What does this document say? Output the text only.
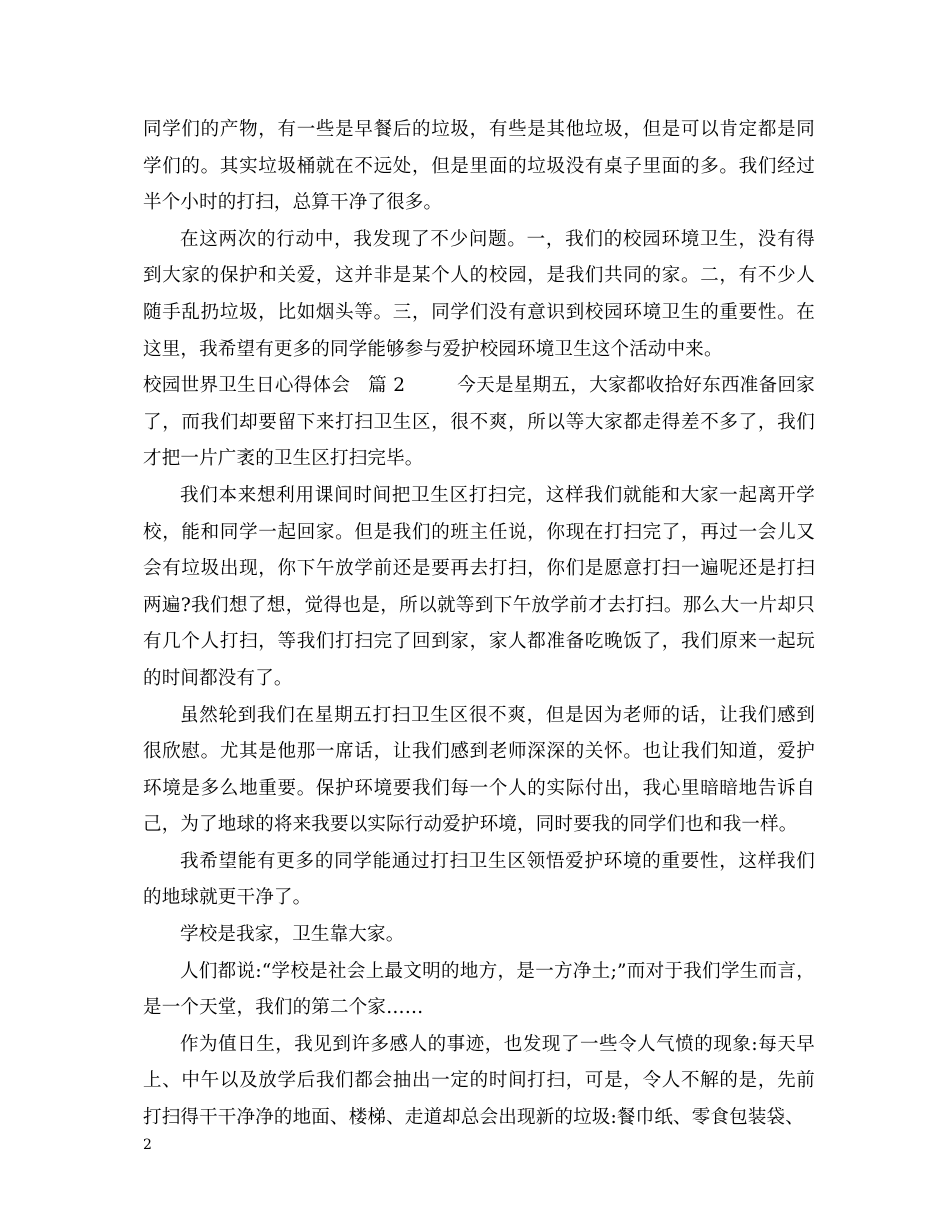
同学们的产物，有一些是早餐后的垃圾，有些是其他垃圾，但是可以肯定都是同学们的。其实垃圾桶就在不远处，但是里面的垃圾没有桌子里面的多。我们经过半个小时的打扫，总算干净了很多。

在这两次的行动中，我发现了不少问题。一，我们的校园环境卫生，没有得到大家的保护和关爱，这并非是某个人的校园，是我们共同的家。二，有不少人随手乱扔垃圾，比如烟头等。三，同学们没有意识到校园环境卫生的重要性。在这里，我希望有更多的同学能够参与爱护校园环境卫生这个活动中来。

校园世界卫生日心得体会 篇 2	今天是星期五，大家都收拾好东西准备回家了，而我们却要留下来打扫卫生区，很不爽，所以等大家都走得差不多了，我们才把一片广袤的卫生区打扫完毕。

我们本来想利用课间时间把卫生区打扫完，这样我们就能和大家一起离开学校，能和同学一起回家。但是我们的班主任说，你现在打扫完了，再过一会儿又会有垃圾出现，你下午放学前还是要再去打扫，你们是愿意打扫一遍呢还是打扫两遍?我们想了想，觉得也是，所以就等到下午放学前才去打扫。那么大一片却只有几个人打扫，等我们打扫完了回到家，家人都准备吃晚饭了，我们原来一起玩的时间都没有了。

虽然轮到我们在星期五打扫卫生区很不爽，但是因为老师的话，让我们感到很欣慰。尤其是他那一席话，让我们感到老师深深的关怀。也让我们知道，爱护环境是多么地重要。保护环境要我们每一个人的实际付出，我心里暗暗地告诉自己，为了地球的将来我要以实际行动爱护环境，同时要我的同学们也和我一样。

我希望能有更多的同学能通过打扫卫生区领悟爱护环境的重要性，这样我们的地球就更干净了。

学校是我家，卫生靠大家。

人们都说:“学校是社会上最文明的地方，是一方净土;”而对于我们学生而言，是一个天堂，我们的第二个家……

作为值日生，我见到许多感人的事迹，也发现了一些令人气愤的现象:每天早上、中午以及放学后我们都会抽出一定的时间打扫，可是，令人不解的是，先前打扫得干干净净的地面、楼梯、走道却总会出现新的垃圾:餐巾纸、零食包装袋、

2
